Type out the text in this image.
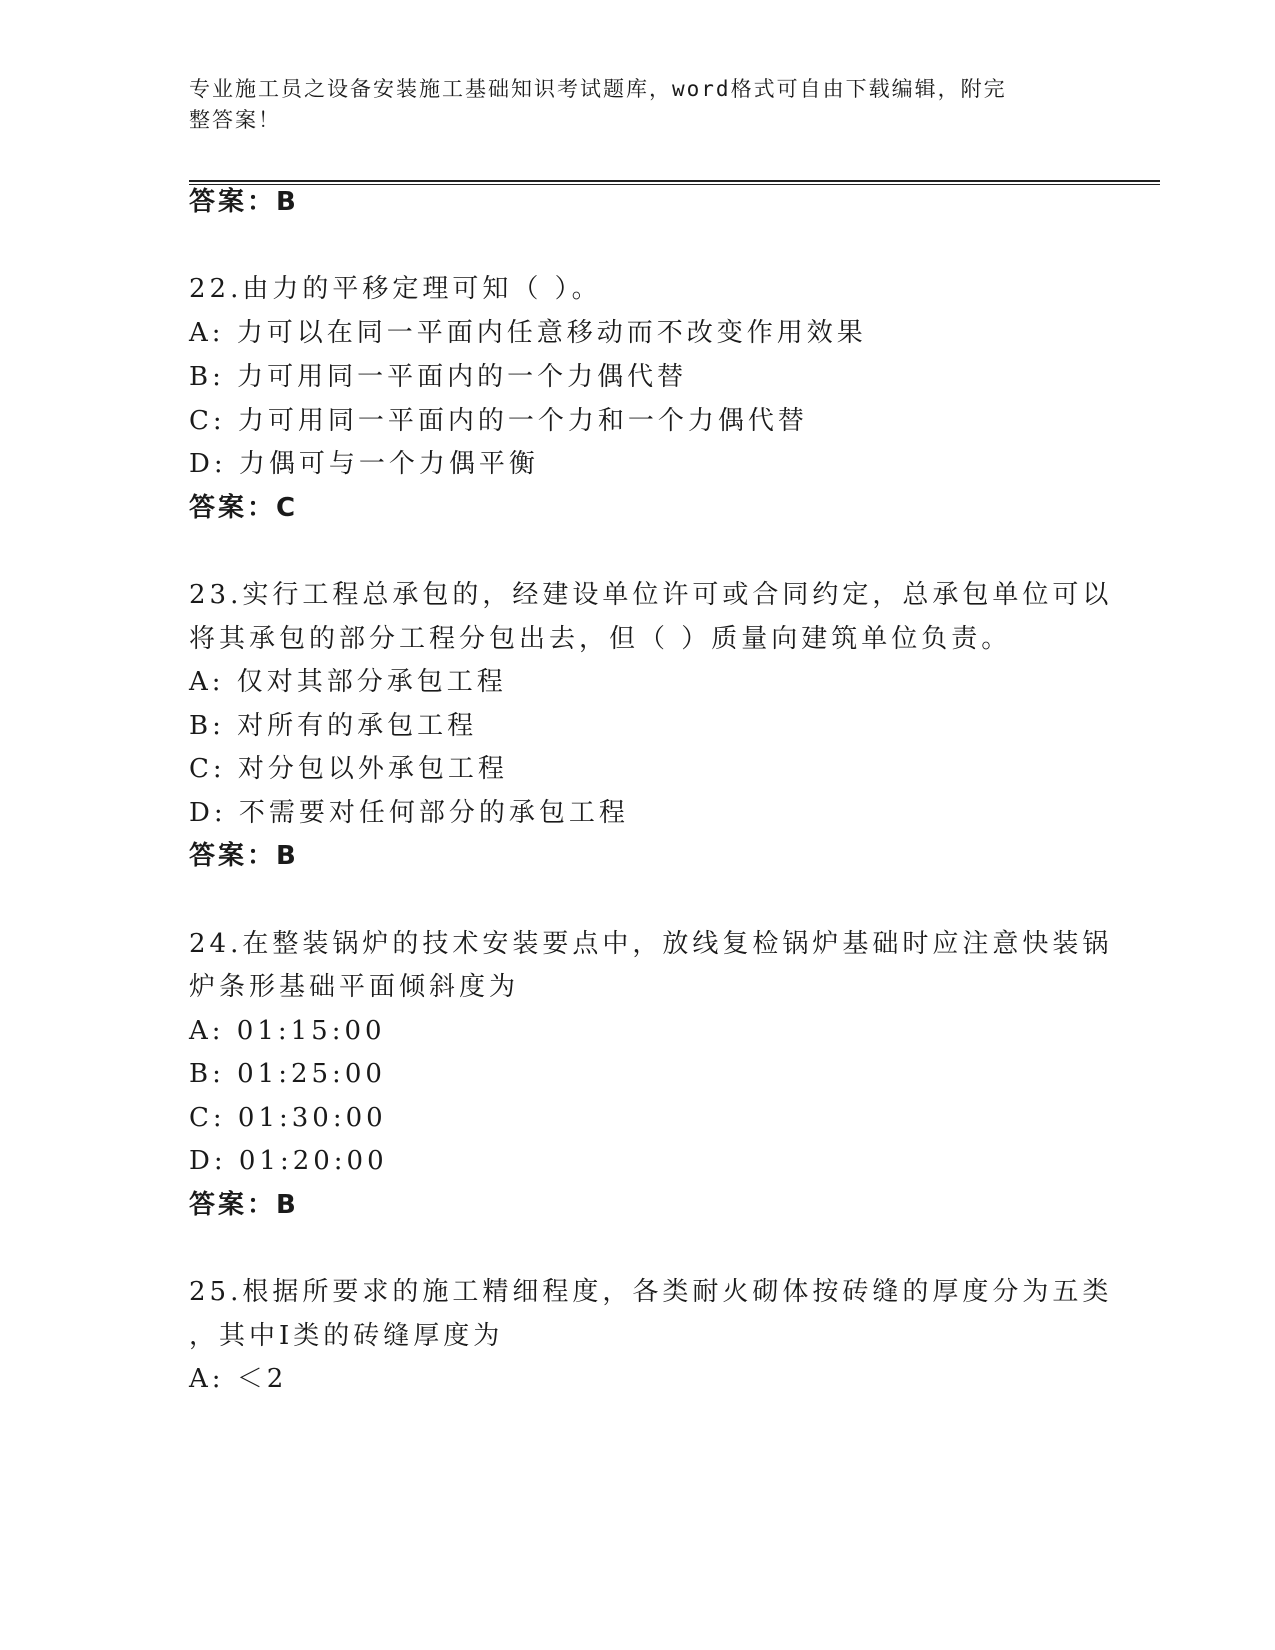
专业施工员之设备安装施工基础知识考试题库，word格式可自由下载编辑，附完
整答案！
答案：B
22.由力的平移定理可知（ ）。
A: 力可以在同一平面内任意移动而不改变作用效果
B: 力可用同一平面内的一个力偶代替
C: 力可用同一平面内的一个力和一个力偶代替
D: 力偶可与一个力偶平衡
答案：C
23.实行工程总承包的，经建设单位许可或合同约定，总承包单位可以
将其承包的部分工程分包出去，但（ ）质量向建筑单位负责。
A: 仅对其部分承包工程
B: 对所有的承包工程
C: 对分包以外承包工程
D: 不需要对任何部分的承包工程
答案：B
24.在整装锅炉的技术安装要点中，放线复检锅炉基础时应注意快装锅
炉条形基础平面倾斜度为
A: 01:15:00
B: 01:25:00
C: 01:30:00
D: 01:20:00
答案：B
25.根据所要求的施工精细程度，各类耐火砌体按砖缝的厚度分为五类
，其中Ⅰ类的砖缝厚度为
A: ＜2
